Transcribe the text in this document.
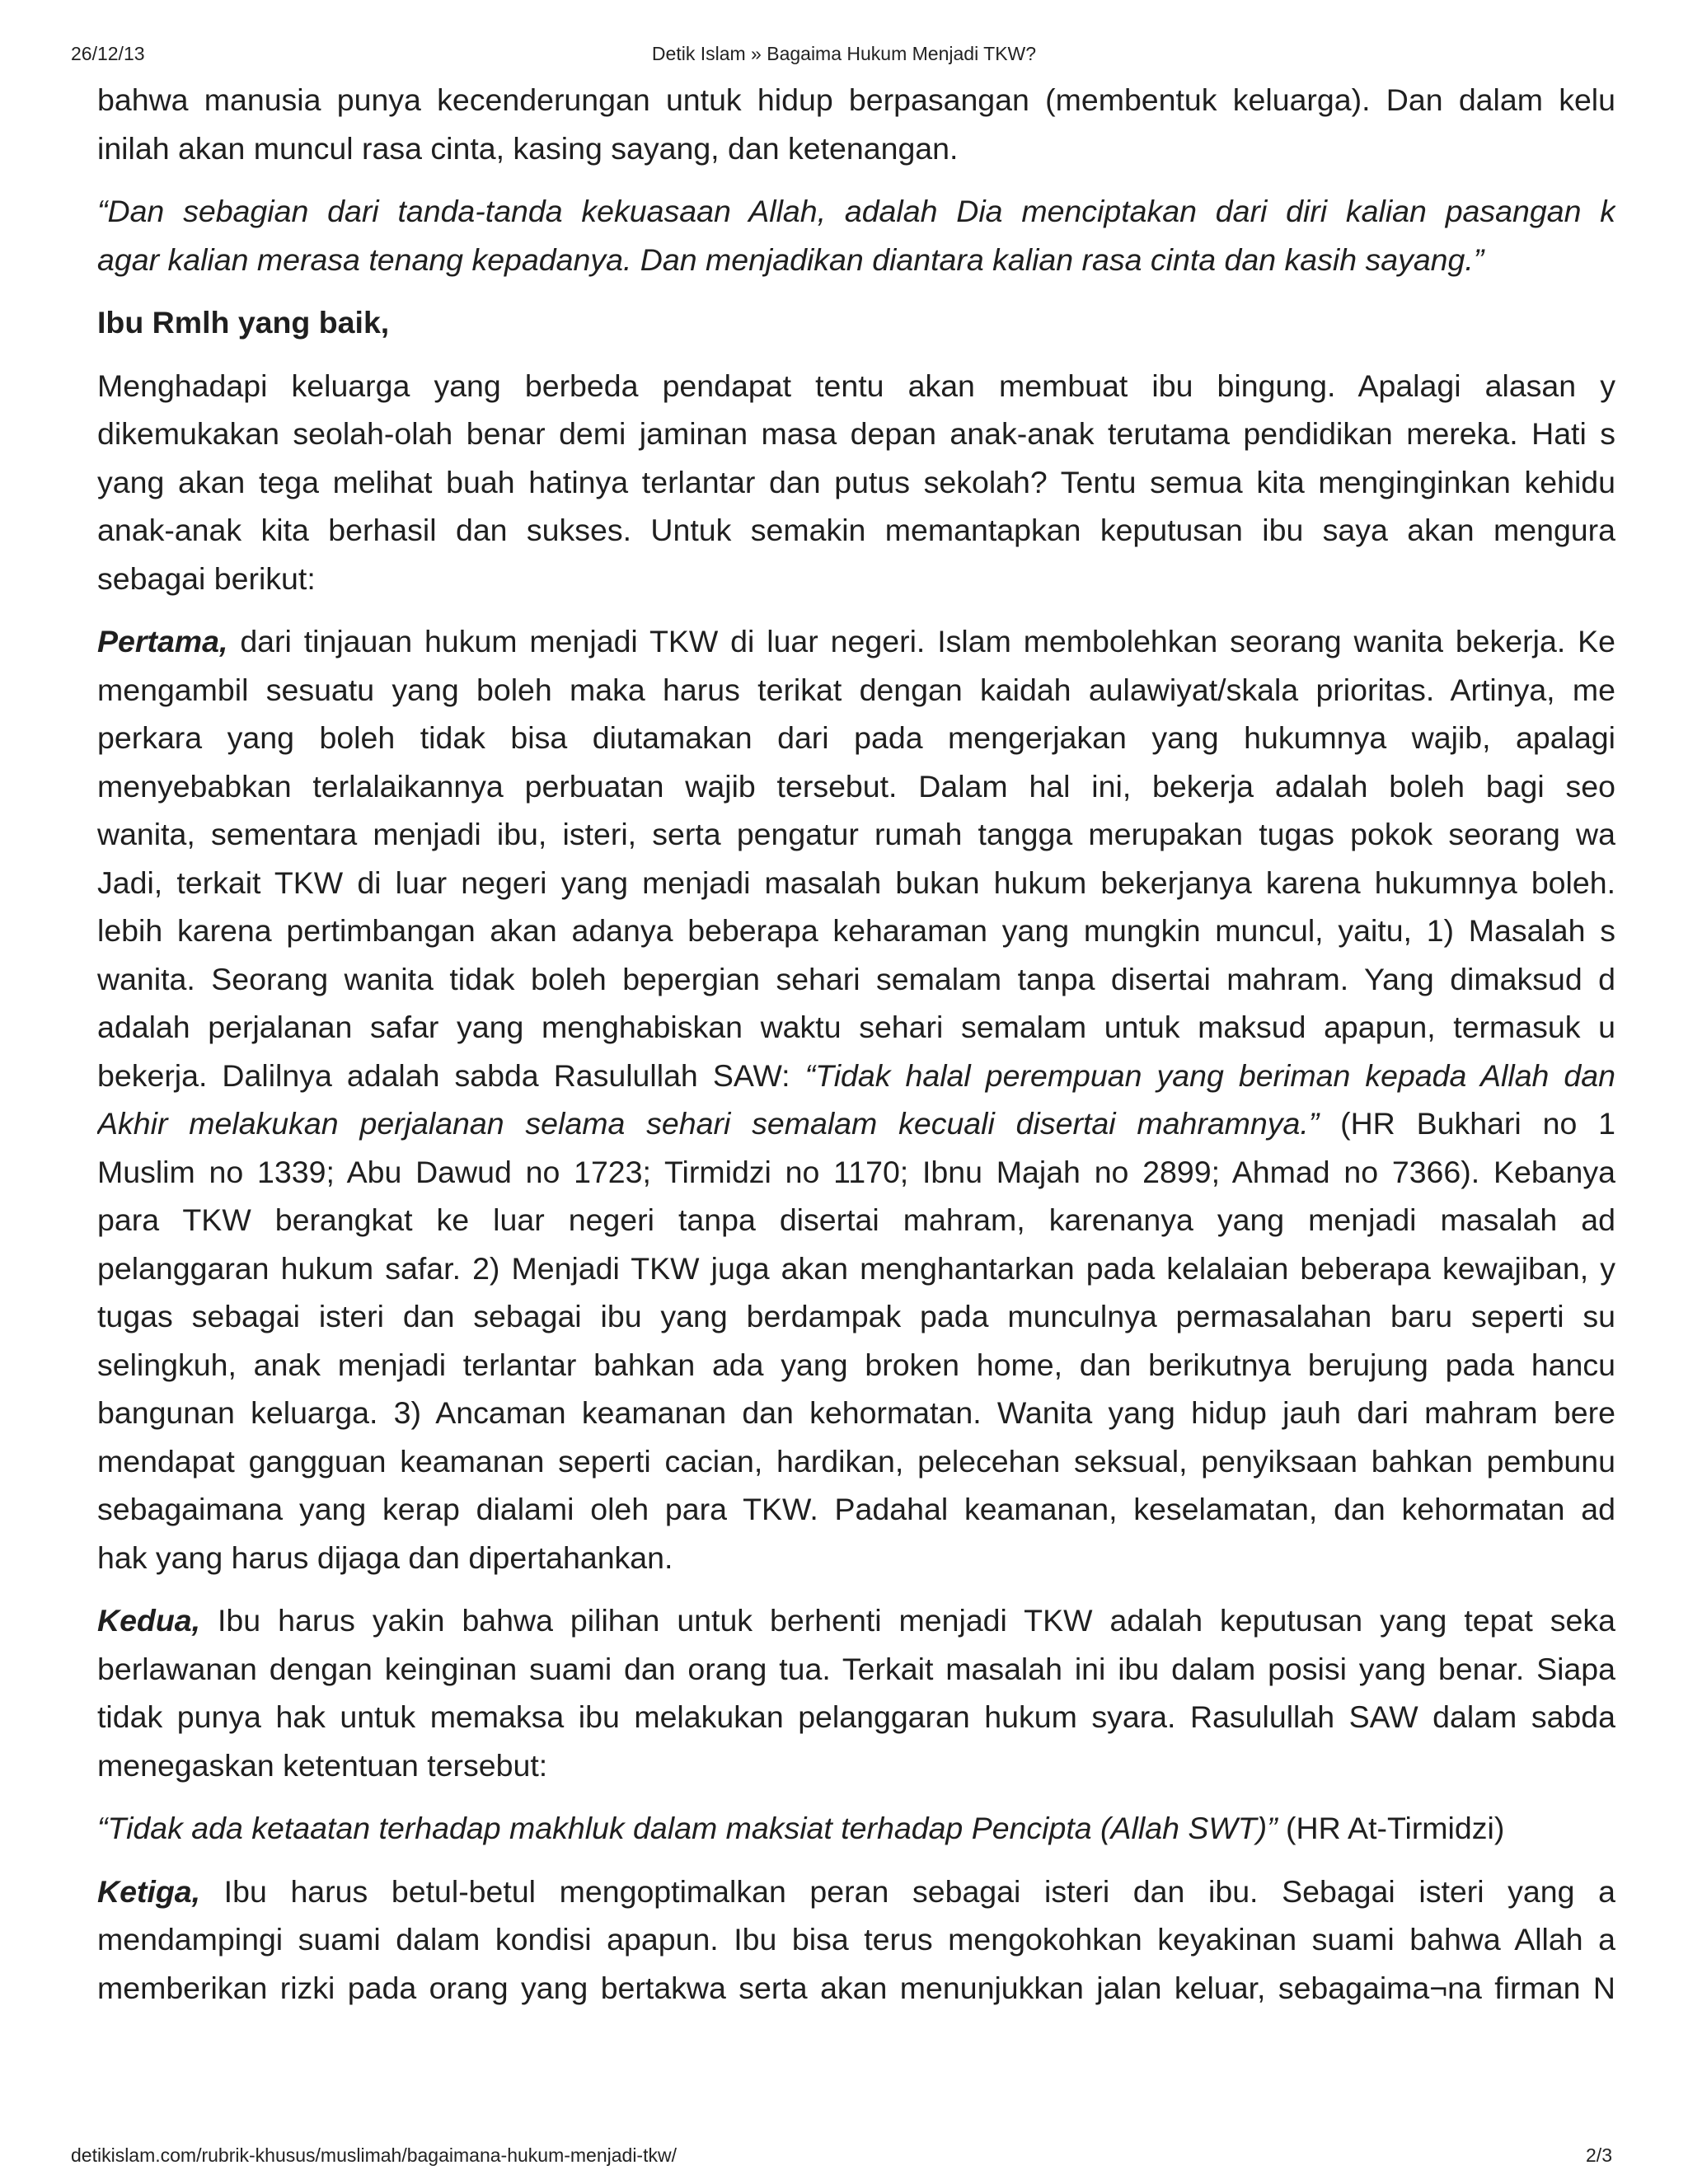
26/12/13	Detik Islam » Bagaima Hukum Menjadi TKW?

bahwa manusia punya kecenderungan untuk hidup berpasangan (membentuk keluarga). Dan dalam kelu

inilah akan muncul rasa cinta, kasing sayang, dan ketenangan.

“Dan sebagian dari tanda-tanda kekuasaan Allah, adalah Dia menciptakan dari diri kalian pasangan k

agar kalian merasa tenang kepadanya. Dan menjadikan diantara kalian rasa cinta dan kasih sayang.”

Ibu Rmlh yang baik,

Menghadapi keluarga yang berbeda pendapat tentu akan membuat ibu bingung. Apalagi alasan y

dikemukakan seolah-olah benar demi jaminan masa depan anak-anak terutama pendidikan mereka. Hati s

yang akan tega melihat buah hatinya terlantar dan putus sekolah? Tentu semua kita menginginkan kehidu

anak-anak kita berhasil dan sukses. Untuk semakin memantapkan keputusan ibu saya akan mengura

sebagai berikut:

Pertama, dari tinjauan hukum menjadi TKW di luar negeri. Islam membolehkan seorang wanita bekerja. Ke

mengambil sesuatu yang boleh maka harus terikat dengan kaidah aulawiyat/skala prioritas. Artinya, me

perkara yang boleh tidak bisa diutamakan dari pada mengerjakan yang hukumnya wajib, apalagi

menyebabkan terlalaikannya perbuatan wajib tersebut. Dalam hal ini, bekerja adalah boleh bagi seo

wanita, sementara menjadi ibu, isteri, serta pengatur rumah tangga merupakan tugas pokok seorang wa

Jadi, terkait TKW di luar negeri yang menjadi masalah bukan hukum bekerjanya karena hukumnya boleh.

lebih karena pertimbangan akan adanya beberapa keharaman yang mungkin muncul, yaitu, 1) Masalah s

wanita. Seorang wanita tidak boleh bepergian sehari semalam tanpa disertai mahram. Yang dimaksud d

adalah perjalanan safar yang menghabiskan waktu sehari semalam untuk maksud apapun, termasuk u

bekerja. Dalilnya adalah sabda Rasulullah SAW: “Tidak halal perempuan yang beriman kepada Allah dan

Akhir melakukan perjalanan selama sehari semalam kecuali disertai mahramnya.” (HR Bukhari no 1

Muslim no 1339; Abu Dawud no 1723; Tirmidzi no 1170; Ibnu Majah no 2899; Ahmad no 7366). Kebanya

para TKW berangkat ke luar negeri tanpa disertai mahram, karenanya yang menjadi masalah ad

pelanggaran hukum safar. 2) Menjadi TKW juga akan menghantarkan pada kelalaian beberapa kewajiban, y

tugas sebagai isteri dan sebagai ibu yang berdampak pada munculnya permasalahan baru seperti su

selingkuh, anak menjadi terlantar bahkan ada yang broken home, dan berikutnya berujung pada hancu

bangunan keluarga. 3) Ancaman keamanan dan kehormatan. Wanita yang hidup jauh dari mahram bere

mendapat gangguan keamanan seperti cacian, hardikan, pelecehan seksual, penyiksaan bahkan pembunu

sebagaimana yang kerap dialami oleh para TKW. Padahal keamanan, keselamatan, dan kehormatan ad

hak yang harus dijaga dan dipertahankan.

Kedua, Ibu harus yakin bahwa pilihan untuk berhenti menjadi TKW adalah keputusan yang tepat seka

berlawanan dengan keinginan suami dan orang tua. Terkait masalah ini ibu dalam posisi yang benar. Siapa

tidak punya hak untuk memaksa ibu melakukan pelanggaran hukum syara. Rasulullah SAW dalam sabda

menegaskan ketentuan tersebut:

“Tidak ada ketaatan terhadap makhluk dalam maksiat terhadap Pencipta (Allah SWT)” (HR At-Tirmidzi)

Ketiga, Ibu harus betul-betul mengoptimalkan peran sebagai isteri dan ibu. Sebagai isteri yang a

mendampingi suami dalam kondisi apapun. Ibu bisa terus mengokohkan keyakinan suami bahwa Allah a

memberikan rizki pada orang yang bertakwa serta akan menunjukkan jalan keluar, sebagaima¬na firman N

detikislam.com/rubrik-khusus/muslimah/bagaimana-hukum-menjadi-tkw/	2/3
